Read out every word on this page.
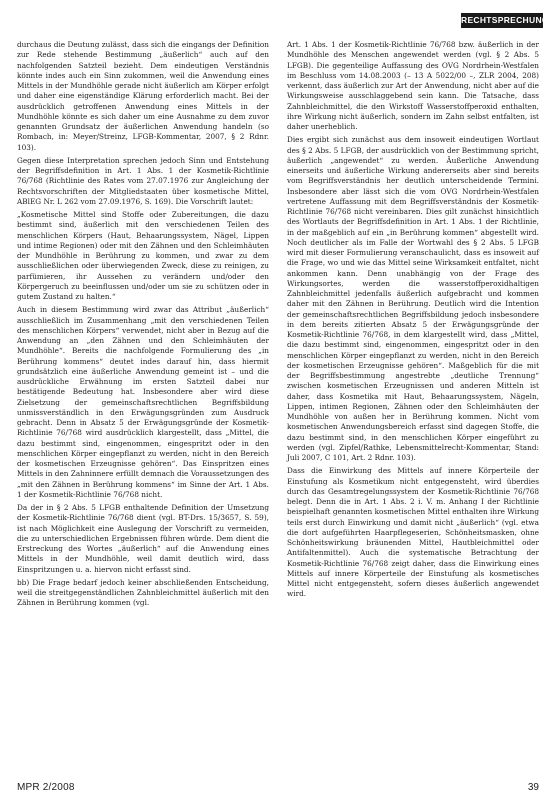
RECHTSPRECHUNG

durchaus die Deutung zulässt, dass sich die eingangs der Definition zur Rede stehende Bestimmung „äußerlich“ auch auf den nachfolgenden Satzteil bezieht. Dem eindeutigen Verständnis könnte indes auch ein Sinn zukommen, weil die Anwendung eines Mittels in der Mundhöhle gerade nicht äußerlich am Körper erfolgt und daher eine eigenständige Klärung erforderlich macht. Bei der ausdrücklich getroffenen Anwendung eines Mittels in der Mundhöhle könnte es sich daher um eine Ausnahme zu dem zuvor genannten Grundsatz der äußerlichen Anwendung handeln (so Rombach, in: Meyer/Streinz, LFGB-Kommentar, 2007, § 2 Rdnr. 103).

Gegen diese Interpretation sprechen jedoch Sinn und Entstehung der Begriffsdefinition in Art. 1 Abs. 1 der Kosmetik-Richtlinie 76/768 (Richtlinie des Rates vom 27.07.1976 zur Angleichung der Rechtsvorschriften der Mitgliedstaaten über kosmetische Mittel, ABlEG Nr. L 262 vom 27.09.1976, S. 169). Die Vorschrift lautet:

„Kosmetische Mittel sind Stoffe oder Zubereitungen, die dazu bestimmt sind, äußerlich mit den verschiedenen Teilen des menschlichen Körpers (Haut, Behaarungssystem, Nägel, Lippen und intime Regionen) oder mit den Zähnen und den Schleimhäuten der Mundhöhle in Berührung zu kommen, und zwar zu dem ausschließlichen oder überwiegenden Zweck, diese zu reinigen, zu parfümieren, ihr Aussehen zu verändern und/oder den Körpergeruch zu beeinflussen und/oder um sie zu schützen oder in gutem Zustand zu halten.“

Auch in diesem Bestimmung wird zwar das Attribut „äußerlich“ ausschließlich im Zusammenhang „mit den verschiedenen Teilen des menschlichen Körpers“ verwendet, nicht aber in Bezug auf die Anwendung an „den Zähnen und den Schleimhäuten der Mundhöhle“. Bereits die nachfolgende Formulierung des „in Berührung kommens“ deutet indes darauf hin, dass hiermit grundsätzlich eine äußerliche Anwendung gemeint ist – und die ausdrückliche Erwähnung im ersten Satzteil dabei nur bestätigende Bedeutung hat. Insbesondere aber wird diese Zielsetzung der gemeinschaftsrechtlichen Begriffsbildung unmissverständlich in den Erwägungsgründen zum Ausdruck gebracht. Denn in Absatz 5 der Erwägungsgründe der Kosmetik-Richtlinie 76/768 wird ausdrücklich klargestellt, dass „Mittel, die dazu bestimmt sind, eingenommen, eingespritzt oder in den menschlichen Körper eingepflanzt zu werden, nicht in den Bereich der kosmetischen Erzeugnisse gehören“. Das Einspritzen eines Mittels in den Zahninnere erfüllt demnach die Voraussetzungen des „mit den Zähnen in Berührung kommens“ im Sinne der Art. 1 Abs. 1 der Kosmetik-Richtlinie 76/768 nicht.

Da der in § 2 Abs. 5 LFGB enthaltende Definition der Umsetzung der Kosmetik-Richtlinie 76/768 dient (vgl. BT-Drs. 15/3657, S. 59), ist nach Möglichkeit eine Auslegung der Vorschrift zu vermeiden, die zu unterschiedlichen Ergebnissen führen würde. Dem dient die Erstreckung des Wortes „äußerlich“ auf die Anwendung eines Mittels in der Mundhöhle, weil damit deutlich wird, dass Einspritzungen u. a. hiervon nicht erfasst sind.

bb) Die Frage bedarf jedoch keiner abschließenden Entscheidung, weil die streitgegenständlichen Zahnbleichmittel äußerlich mit den Zähnen in Berührung kommen (vgl.

Art. 1 Abs. 1 der Kosmetik-Richtlinie 76/768 bzw. äußerlich in der Mundhöhle des Menschen angewendet werden (vgl. § 2 Abs. 5 LFGB). Die gegenteilige Auffassung des OVG Nordrhein-Westfalen im Beschluss vom 14.08.2003 (– 13 A 5022/00 –, ZLR 2004, 208) verkennt, dass äußerlich zur Art der Anwendung, nicht aber auf die Wirkungsweise ausschlaggebend sein kann. Die Tatsache, dass Zahnbleichmittel, die den Wirkstoff Wasserstoffperoxid enthalten, ihre Wirkung nicht äußerlich, sondern im Zahn selbst entfalten, ist daher unerheblich.

Dies ergibt sich zunächst aus dem insoweit eindeutigen Wortlaut des § 2 Abs. 5 LFGB, der ausdrücklich von der Bestimmung spricht, äußerlich „angewendet“ zu werden. Äußerliche Anwendung einerseits und äußerliche Wirkung andererseits aber sind bereits vom Begriffsverständnis her deutlich unterscheidende Termini. Insbesondere aber lässt sich die vom OVG Nordrhein-Westfalen vertretene Auffassung mit dem Begriffsverständnis der Kosmetik-Richtlinie 76/768 nicht vereinbaren. Dies gilt zunächst hinsichtlich des Wortlauts der Begriffsdefinition in Art. 1 Abs. 1 der Richtlinie, in der maßgeblich auf ein „in Berührung kommen“ abgestellt wird. Noch deutlicher als im Falle der Wortwahl des § 2 Abs. 5 LFGB wird mit dieser Formulierung veranschaulicht, dass es insoweit auf die Frage, wo und wie das Mittel seine Wirksamkeit entfaltet, nicht ankommen kann. Denn unabhängig von der Frage des Wirkungsortes, werden die wasserstoffperoxidhaltigen Zahnbleichmittel jedenfalls äußerlich aufgebracht und kommen daher mit den Zähnen in Berührung. Deutlich wird die Intention der gemeinschaftsrechtlichen Begriffsbildung jedoch insbesondere in dem bereits zitierten Absatz 5 der Erwägungsgründe der Kosmetik-Richtlinie 76/768, in dem klargestellt wird, dass „Mittel, die dazu bestimmt sind, eingenommen, eingespritzt oder in den menschlichen Körper eingepflanzt zu werden, nicht in den Bereich der kosmetischen Erzeugnisse gehören“. Maßgeblich für die mit der Begriffsbestimmung angestrebte „deutliche Trennung“ zwischen kosmetischen Erzeugnissen und anderen Mitteln ist daher, dass Kosmetika mit Haut, Behaarungssystem, Nägeln, Lippen, intimen Regionen, Zähnen oder den Schleimhäuten der Mundhöhle von außen her in Berührung kommen. Nicht vom kosmetischen Anwendungsbereich erfasst sind dagegen Stoffe, die dazu bestimmt sind, in den menschlichen Körper eingeführt zu werden (vgl. Zipfel/Rathke, Lebensmittelrecht-Kommentar, Stand: Juli 2007, C 101, Art. 2 Rdnr. 103).

Dass die Einwirkung des Mittels auf innere Körperteile der Einstufung als Kosmetikum nicht entgegensteht, wird überdies durch das Gesamtregelungssystem der Kosmetik-Richtlinie 76/768 belegt. Denn die in Art. 1 Abs. 2 i. V. m. Anhang I der Richtlinie beispielhaft genannten kosmetischen Mittel enthalten ihre Wirkung teils erst durch Einwirkung und damit nicht „äußerlich“ (vgl. etwa die dort aufgeführten Haarpflegeserien, Schönheitsmasken, ohne Schönheitswirkung bräunenden Mittel, Hautbleichmittel oder Antifaltenmittel). Auch die systematische Betrachtung der Kosmetik-Richtlinie 76/768 zeigt daher, dass die Einwirkung eines Mittels auf innere Körperteile der Einstufung als kosmetisches Mittel nicht entgegensteht, sofern dieses äußerlich angewendet wird.

MPR 2/2008	39
